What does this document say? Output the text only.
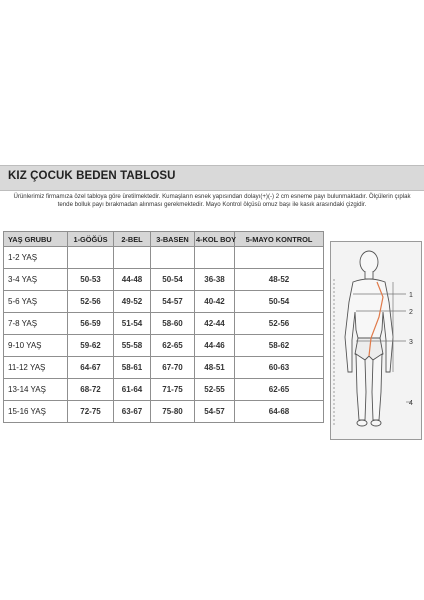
KIZ ÇOCUK BEDEN TABLOSU
Ürünlerimiz firmamıza özel tabloya göre üretilmektedir. Kumaşların esnek yapısından dolayı(+)(-) 2 cm esneme payı bulunmaktadır. Ölçülerin çıplak tende bolluk payı bırakmadan alınması gerekmektedir. Mayo Kontrol ölçüsü omuz başı ile kasık arasındaki çizgidir.
YAŞ GRUBU	1-GÖĞÜS	2-BEL	3-BASEN	4-KOL BOY	5-MAYO KONTROL
1-2 YAŞ					
3-4 YAŞ	50-53	44-48	50-54	36-38	48-52
5-6 YAŞ	52-56	49-52	54-57	40-42	50-54
7-8 YAŞ	56-59	51-54	58-60	42-44	52-56
9-10 YAŞ	59-62	55-58	62-65	44-46	58-62
11-12 YAŞ	64-67	58-61	67-70	48-51	60-63
13-14 YAŞ	68-72	61-64	71-75	52-55	62-65
15-16 YAŞ	72-75	63-67	75-80	54-57	64-68
1
2
3
4
